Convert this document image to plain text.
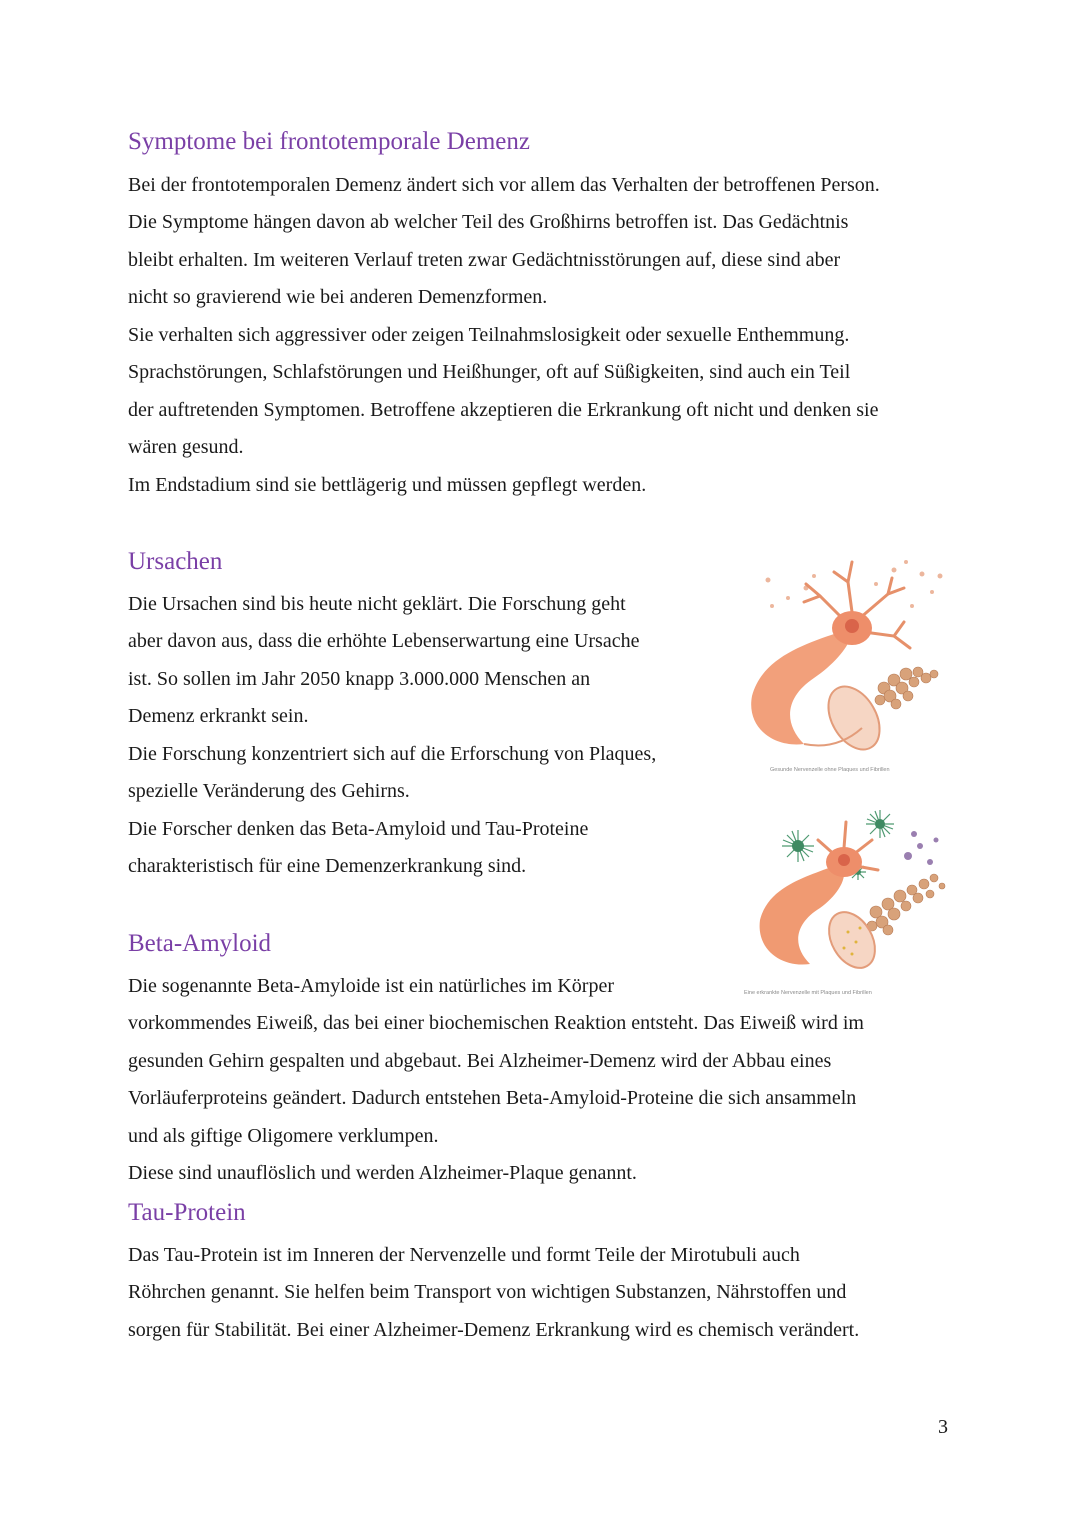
Symptome bei frontotemporale Demenz
Bei der frontotemporalen Demenz ändert sich vor allem das Verhalten der betroffenen Person.
Die Symptome hängen davon ab welcher Teil des Großhirns betroffen ist. Das Gedächtnis
bleibt erhalten. Im weiteren Verlauf treten zwar Gedächtnisstörungen auf, diese sind aber
nicht so gravierend wie bei anderen Demenzformen.
Sie verhalten sich aggressiver oder zeigen Teilnahmslosigkeit oder sexuelle Enthemmung.
Sprachstörungen, Schlafstörungen und Heißhunger, oft auf Süßigkeiten, sind auch ein Teil
der auftretenden Symptomen. Betroffene akzeptieren die Erkrankung oft nicht und denken sie
wären gesund.
Im Endstadium sind sie bettlägerig und müssen gepflegt werden.
Ursachen
Die Ursachen sind bis heute nicht geklärt. Die Forschung geht
aber davon aus, dass die erhöhte Lebenserwartung eine Ursache
ist. So sollen im Jahr 2050 knapp 3.000.000 Menschen an
Demenz erkrankt sein.
Die Forschung konzentriert sich auf die Erforschung von Plaques,
spezielle Veränderung des Gehirns.
Die Forscher denken das Beta-Amyloid und Tau-Proteine
charakteristisch für eine Demenzerkrankung sind.
Gesunde Nervenzelle ohne Plaques und Fibrillen
Eine erkrankte Nervenzelle mit Plaques und Fibrillen
Beta-Amyloid
Die sogenannte Beta-Amyloide ist ein natürliches im Körper
vorkommendes Eiweiß, das bei einer biochemischen Reaktion entsteht. Das Eiweiß wird im
gesunden Gehirn gespalten und abgebaut. Bei Alzheimer-Demenz wird der Abbau eines
Vorläuferproteins geändert. Dadurch entstehen Beta-Amyloid-Proteine die sich ansammeln
und als giftige Oligomere verklumpen.
Diese sind unauflöslich und werden Alzheimer-Plaque genannt.
Tau-Protein
Das Tau-Protein ist im Inneren der Nervenzelle und formt Teile der Mirotubuli auch
Röhrchen genannt. Sie helfen beim Transport von wichtigen Substanzen, Nährstoffen und
sorgen für Stabilität. Bei einer Alzheimer-Demenz Erkrankung wird es chemisch verändert.
3
